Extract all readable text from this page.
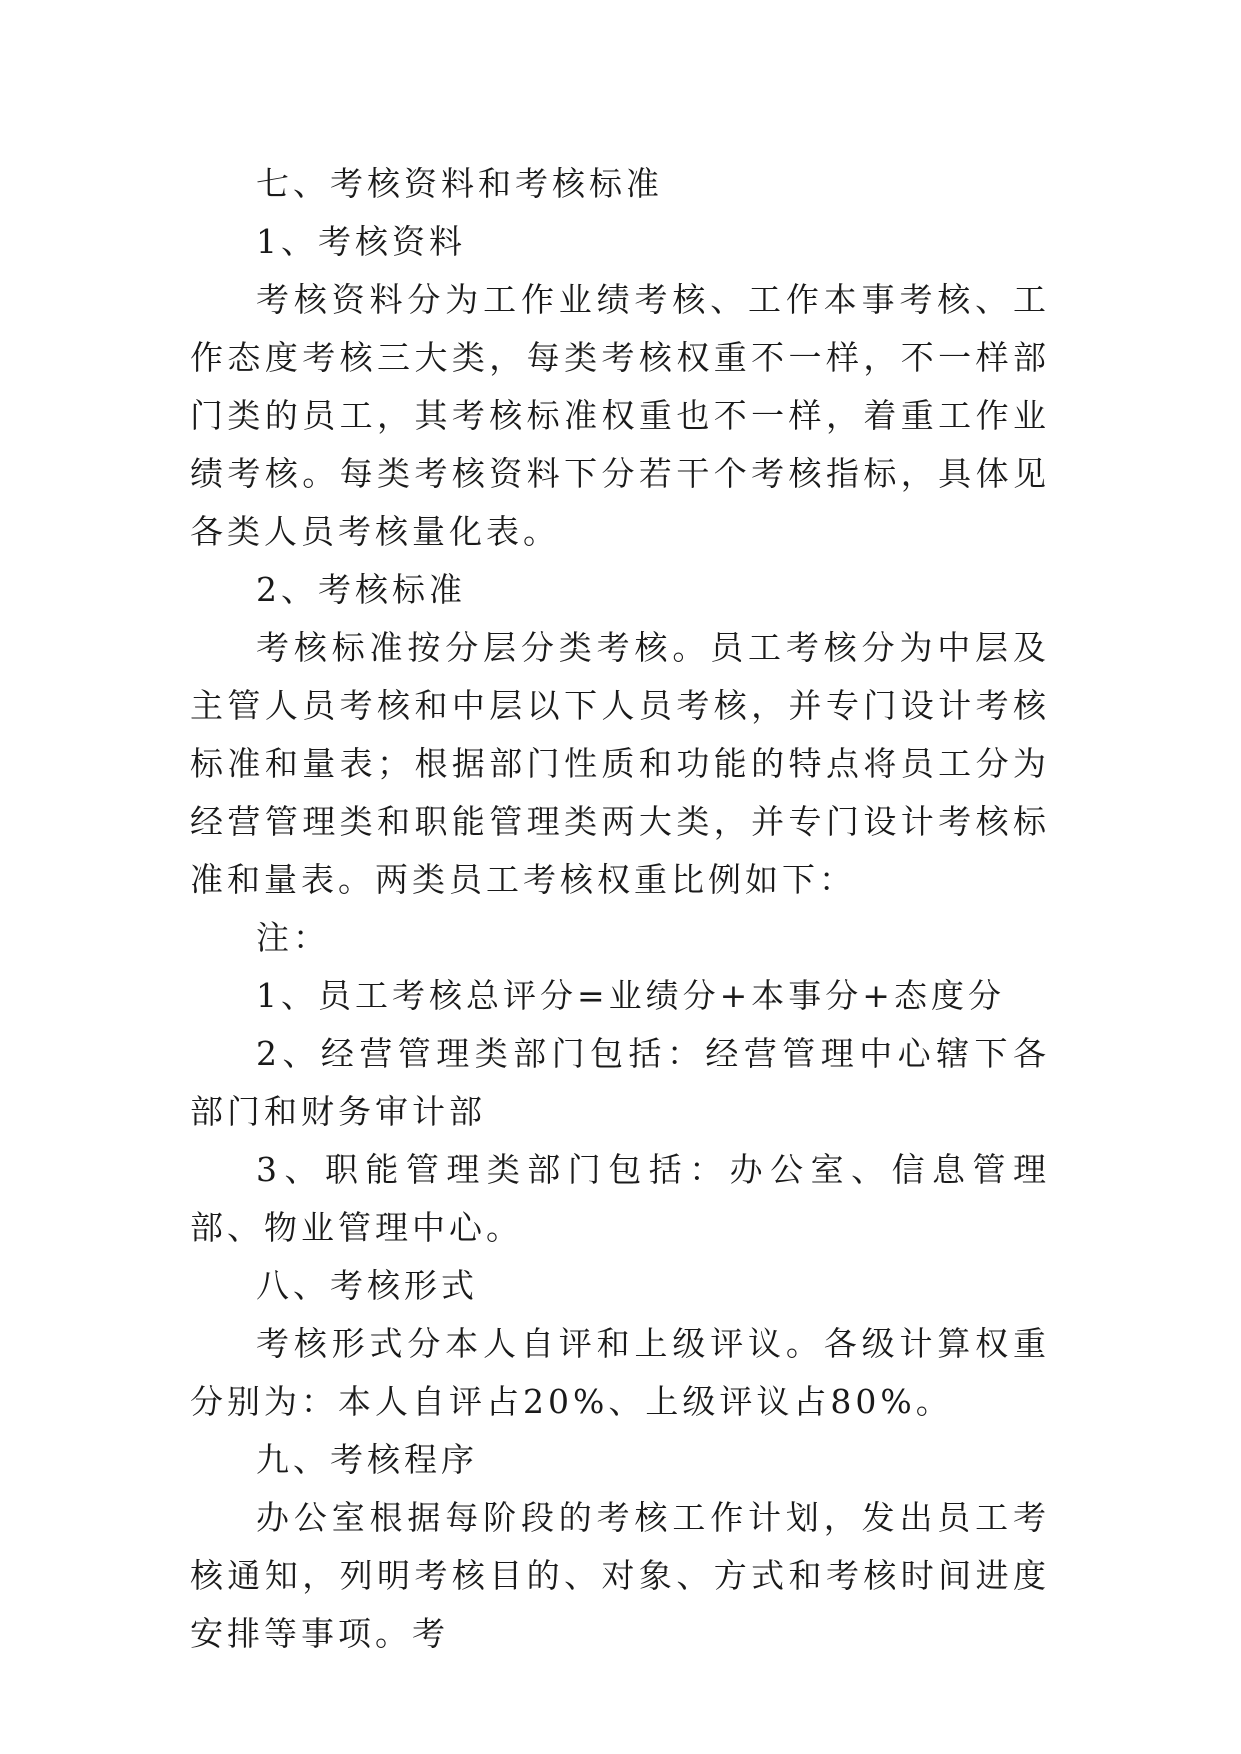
七、考核资料和考核标准

1、考核资料

考核资料分为工作业绩考核、工作本事考核、工作态度考核三大类，每类考核权重不一样，不一样部门类的员工，其考核标准权重也不一样，着重工作业绩考核。每类考核资料下分若干个考核指标，具体见各类人员考核量化表。

2、考核标准

考核标准按分层分类考核。员工考核分为中层及主管人员考核和中层以下人员考核，并专门设计考核标准和量表；根据部门性质和功能的特点将员工分为经营管理类和职能管理类两大类，并专门设计考核标准和量表。两类员工考核权重比例如下：

注：

1、员工考核总评分=业绩分+本事分+态度分

2、经营管理类部门包括：经营管理中心辖下各部门和财务审计部

3、职能管理类部门包括：办公室、信息管理部、物业管理中心。

八、考核形式

考核形式分本人自评和上级评议。各级计算权重分别为：本人自评占20%、上级评议占80%。

九、考核程序

办公室根据每阶段的考核工作计划，发出员工考核通知，列明考核目的、对象、方式和考核时间进度安排等事项。考
